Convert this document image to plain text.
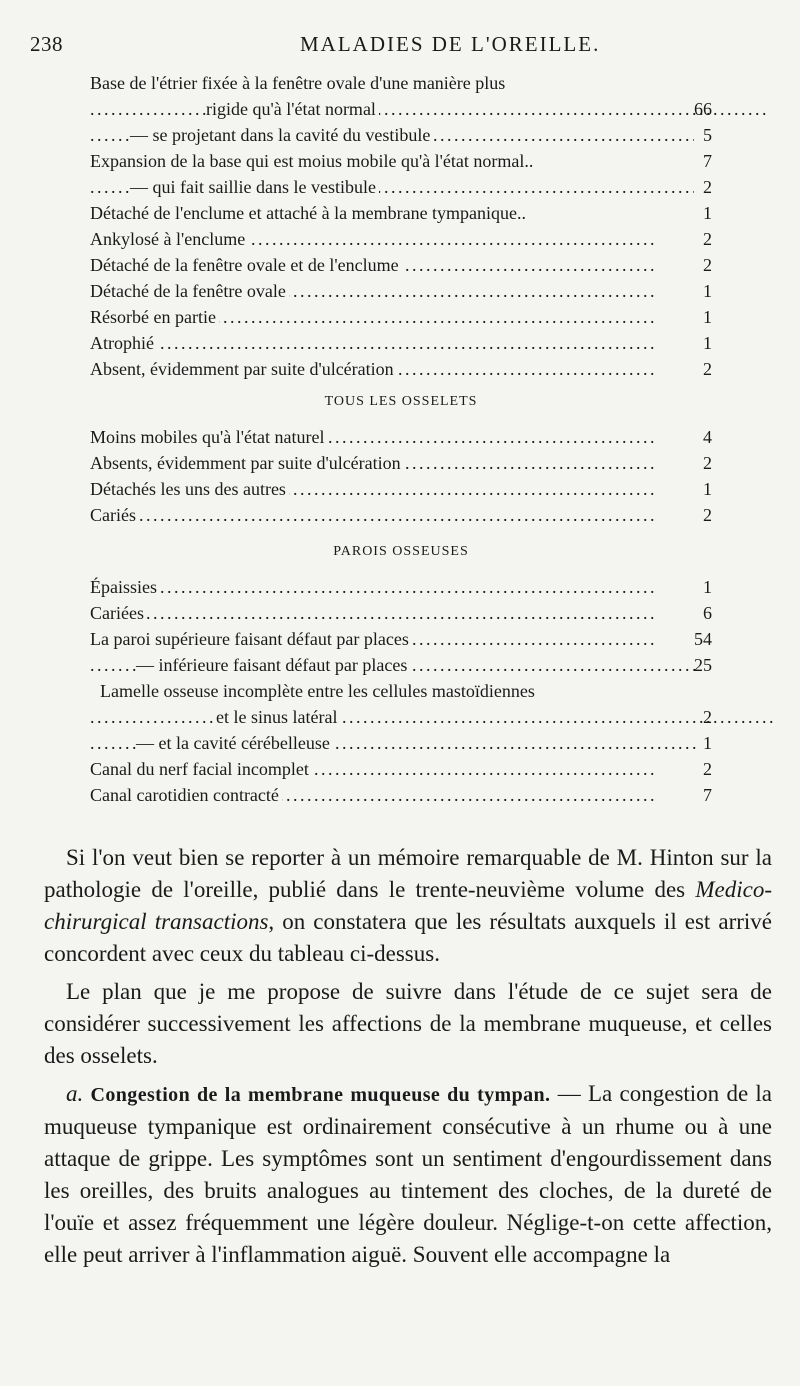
238	MALADIES DE L'OREILLE.
Base de l'étrier fixée à la fenêtre ovale d'une manière plus
rigide qu'à l'état normal . . .	66
— se projetant dans la cavité du vestibule . . .	5
Expansion de la base qui est moius mobile qu'à l'état normal..	7
— qui fait saillie dans le vestibule . . .	2
Détaché de l'enclume et attaché à la membrane tympanique..	1
Ankylosé à l'enclume . . .	2
Détaché de la fenêtre ovale et de l'enclume . . .	2
Détaché de la fenêtre ovale . . .	1
Résorbé en partie . . .	1
Atrophié . . .	1
Absent, évidemment par suite d'ulcération . . .	2
TOUS LES OSSELETS
Moins mobiles qu'à l'état naturel . . .	4
Absents, évidemment par suite d'ulcération . . .	2
Détachés les uns des autres . . .	1
Cariés . . .	2
PAROIS OSSEUSES
Épaissies . . .	1
Cariées . . .	6
La paroi supérieure faisant défaut par places . . .	54
— inférieure faisant défaut par places . . .	25
Lamelle osseuse incomplète entre les cellules mastoïdiennes
et le sinus latéral . . .	2
— et la cavité cérébelleuse . . .	1
Canal du nerf facial incomplet . . .	2
Canal carotidien contracté . . .	7

Si l'on veut bien se reporter à un mémoire remarquable de M. Hinton sur la pathologie de l'oreille, publié dans le trente-neuvième volume des Medico-chirurgical transactions, on constatera que les résultats auxquels il est arrivé concordent avec ceux du tableau ci-dessus.

Le plan que je me propose de suivre dans l'étude de ce sujet sera de considérer successivement les affections de la membrane muqueuse, et celles des osselets.

a. Congestion de la membrane muqueuse du tympan. — La congestion de la muqueuse tympanique est ordinairement consécutive à un rhume ou à une attaque de grippe. Les symptômes sont un sentiment d'engourdissement dans les oreilles, des bruits analogues au tintement des cloches, de la dureté de l'ouïe et assez fréquemment une légère douleur. Néglige-t-on cette affection, elle peut arriver à l'inflammation aiguë. Souvent elle accompagne la
